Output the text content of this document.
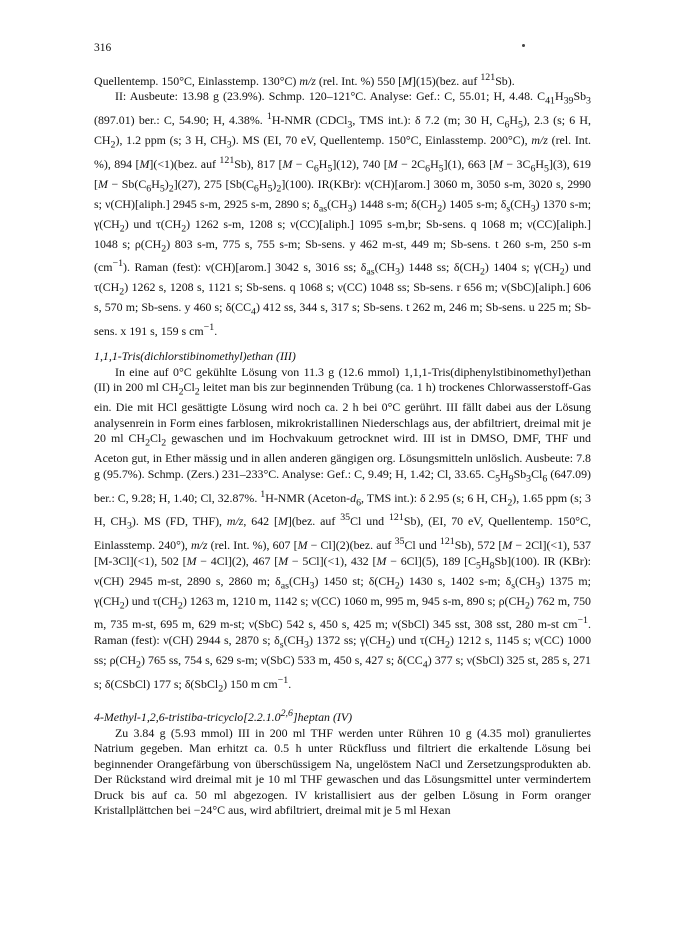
316

Quellentemp. 150°C, Einlasstemp. 130°C) m/z (rel. Int. %) 550 [M](15)(bez. auf $^{121}$Sb).

II: Ausbeute: 13.98 g (23.9%). Schmp. 120–121°C. Analyse: Gef.: C, 55.01; H, 4.48. $C_{41}H_{39}Sb_3$ (897.01) ber.: C, 54.90; H, 4.38%. $^1$H-NMR (CDCl$_3$, TMS int.): δ 7.2 (m; 30 H, $C_6H_5$), 2.3 (s; 6 H, $CH_2$), 1.2 ppm (s; 3 H, $CH_3$). MS (EI, 70 eV, Quellentemp. 150°C, Einlasstemp. 200°C), m/z (rel. Int. %), 894 [M](<1)(bez. auf $^{121}$Sb), 817 $[M - C_6H_5](12)$, 740 $[M - 2C_6H_5](1)$, 663 $[M - 3C_6H_5](3)$, 619 $[M - Sb(C_6H_5)_2](27)$, 275 $[Sb(C_6H_5)_2](100)$. IR(KBr): ν(CH)[arom.] 3060 m, 3050 s-m, 3020 s, 2990 s; ν(CH)[aliph.] 2945 s-m, 2925 s-m, 2890 s; $\delta_{as}(CH_3)$ 1448 s-m; $\delta(CH_2)$ 1405 s-m; $\delta_s(CH_3)$ 1370 s-m; $\gamma(CH_2)$ und $\tau(CH_2)$ 1262 s-m, 1208 s; ν(CC)[aliph.] 1095 s-m,br; Sb-sens. q 1068 m; ν(CC)[aliph.] 1048 s; $\rho(CH_2)$ 803 s-m, 775 s, 755 s-m; Sb-sens. y 462 m-st, 449 m; Sb-sens. t 260 s-m, 250 s-m $(cm^{-1})$. Raman (fest): ν(CH)[arom.] 3042 s, 3016 ss; $\delta_{as}(CH_3)$ 1448 ss; $\delta(CH_2)$ 1404 s; $\gamma(CH_2)$ und $\tau(CH_2)$ 1262 s, 1208 s, 1121 s; Sb-sens. q 1068 s; ν(CC) 1048 ss; Sb-sens. r 656 m; ν(SbC)[aliph.] 606 s, 570 m; Sb-sens. y 460 s; $\delta(CC_4)$ 412 ss, 344 s, 317 s; Sb-sens. t 262 m, 246 m; Sb-sens. u 225 m; Sb-sens. x 191 s, 159 s $cm^{-1}$.

1,1,1-Tris(dichlorstibinomethyl)ethan (III)

In eine auf 0°C gekühlte Lösung von 11.3 g (12.6 mmol) 1,1,1-Tris(diphenylstibinomethyl)ethan (II) in 200 ml $CH_2Cl_2$ leitet man bis zur beginnenden Trübung (ca. 1 h) trockenes Chlorwasserstoff-Gas ein. Die mit HCl gesättigte Lösung wird noch ca. 2 h bei 0°C gerührt. III fällt dabei aus der Lösung analysenrein in Form eines farblosen, mikrokristallinen Niederschlags aus, der abfiltriert, dreimal mit je 20 ml $CH_2Cl_2$ gewaschen und im Hochvakuum getrocknet wird. III ist in DMSO, DMF, THF und Aceton gut, in Ether mässig und in allen anderen gängigen org. Lösungsmitteln unlöslich. Ausbeute: 7.8 g (95.7%). Schmp. (Zers.) 231–233°C. Analyse: Gef.: C, 9.49; H, 1.42; Cl, 33.65. $C_5H_9Sb_3Cl_6$ (647.09) ber.: C, 9.28; H, 1.40; Cl, 32.87%. $^1$H-NMR ($Aceton-d_6$, TMS int.): δ 2.95 (s; 6 H, $CH_2$), 1.65 ppm (s; 3 H, $CH_3$). MS (FD, THF), m/z, 642 [M](bez. auf $^{35}$Cl und $^{121}$Sb), (EI, 70 eV, Quellentemp. 150°C, Einlasstemp. 240°), m/z (rel. Int. %), 607 [M − Cl](2)(bez. auf $^{35}$Cl und $^{121}$Sb), 572 [M − 2Cl](<1), 537 [M-3Cl](<1), 502 [M − 4Cl](2), 467 [M − 5Cl](<1), 432 [M − 6Cl](5), 189 $[C_5H_8Sb](100)$. IR (KBr): ν(CH) 2945 m-st, 2890 s, 2860 m; $\delta_{as}(CH_3)$ 1450 st; $\delta(CH_2)$ 1430 s, 1402 s-m; $\delta_s(CH_3)$ 1375 m; $\gamma(CH_2)$ und $\tau(CH_2)$ 1263 m, 1210 m, 1142 s; ν(CC) 1060 m, 995 m, 945 s-m, 890 s; $\rho(CH_2)$ 762 m, 750 m, 735 m-st, 695 m, 629 m-st; ν(SbC) 542 s, 450 s, 425 m; ν(SbCl) 345 sst, 308 sst, 280 m-st $cm^{-1}$. Raman (fest): ν(CH) 2944 s, 2870 s; $\delta_s(CH_3)$ 1372 ss; $\gamma(CH_2)$ und $\tau(CH_2)$ 1212 s, 1145 s; ν(CC) 1000 ss; $\rho(CH_2)$ 765 ss, 754 s, 629 s-m; ν(SbC) 533 m, 450 s, 427 s; $\delta(CC_4)$ 377 s; ν(SbCl) 325 st, 285 s, 271 s; δ(CSbCl) 177 s; δ(SbCl$_2$) 150 m $cm^{-1}$.

4-Methyl-1,2,6-tristiba-tricyclo[2.2.1.0$^{2,6}$]heptan (IV)

Zu 3.84 g (5.93 mmol) III in 200 ml THF werden unter Rühren 10 g (4.35 mol) granuliertes Natrium gegeben. Man erhitzt ca. 0.5 h unter Rückfluss und filtriert die erkaltende Lösung bei beginnender Orangefärbung von überschüssigem Na, ungelöstem NaCl und Zersetzungsprodukten ab. Der Rückstand wird dreimal mit je 10 ml THF gewaschen und das Lösungsmittel unter vermindertem Druck bis auf ca. 50 ml abgezogen. IV kristallisiert aus der gelben Lösung in Form oranger Kristallplättchen bei −24°C aus, wird abfiltriert, dreimal mit je 5 ml Hexan
